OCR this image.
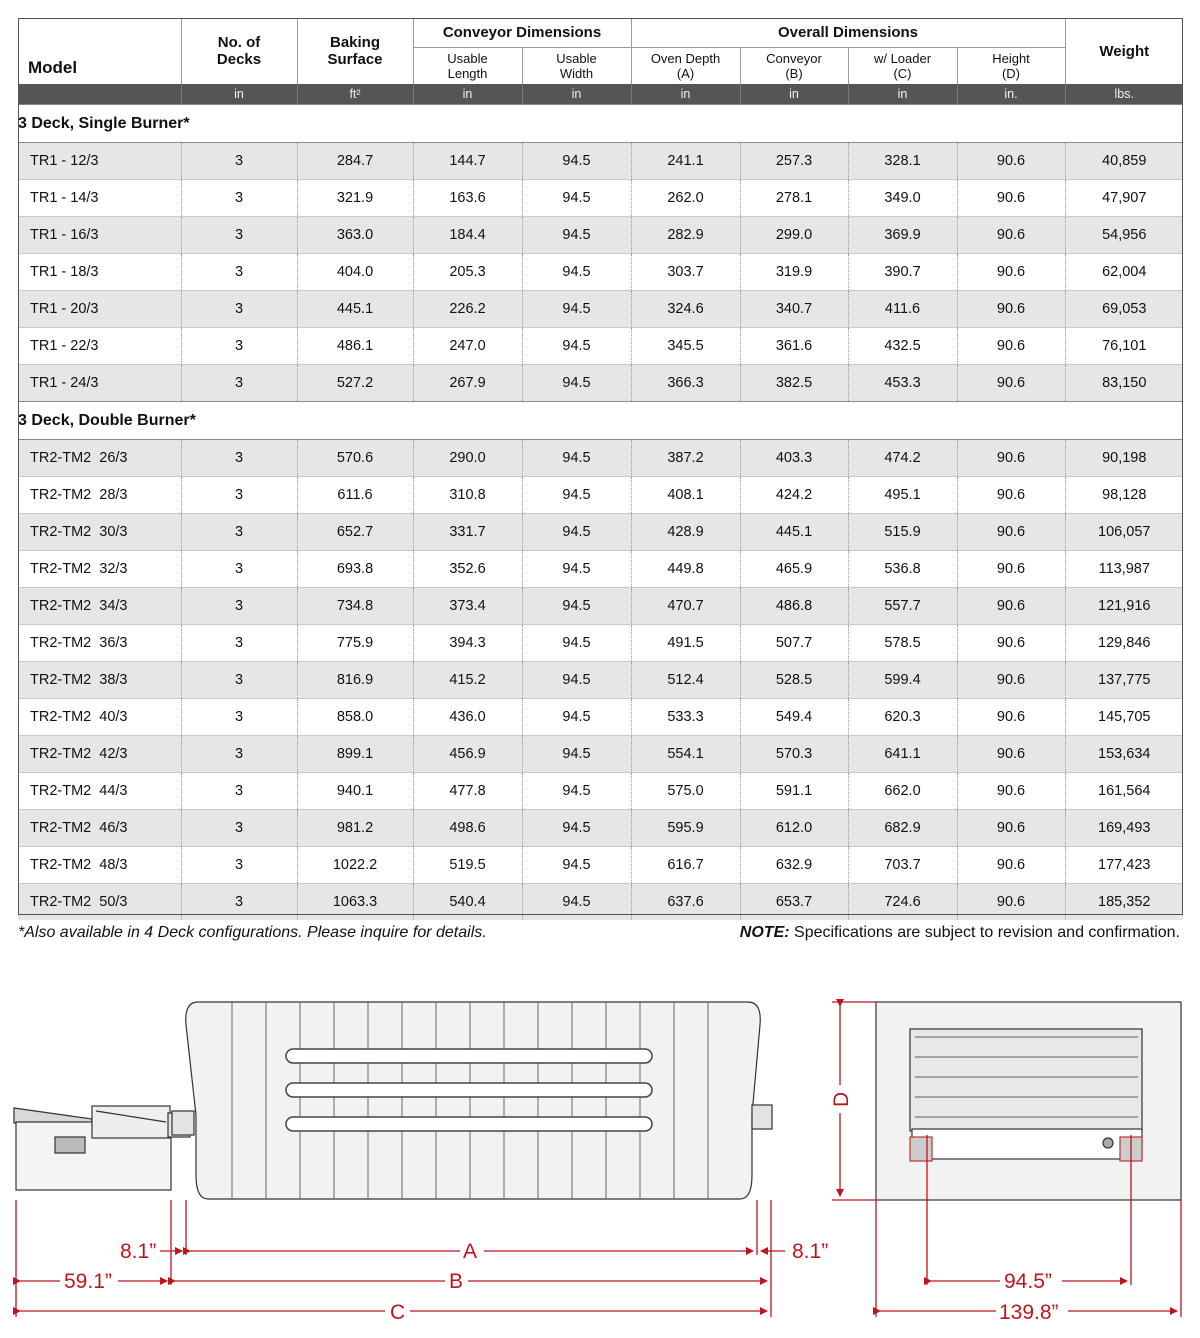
Model	No. of Decks	Baking Surface	Conveyor Dimensions		Overall Dimensions				Weight
			Usable Length	Usable Width	Oven Depth (A)	Conveyor (B)	w/ Loader (C)	Height (D)	
	in	ft²	in	in	in	in	in	in.	lbs.
3 Deck, Single Burner*									
TR1 - 12/3	3	284.7	144.7	94.5	241.1	257.3	328.1	90.6	40,859
TR1 - 14/3	3	321.9	163.6	94.5	262.0	278.1	349.0	90.6	47,907
TR1 - 16/3	3	363.0	184.4	94.5	282.9	299.0	369.9	90.6	54,956
TR1 - 18/3	3	404.0	205.3	94.5	303.7	319.9	390.7	90.6	62,004
TR1 - 20/3	3	445.1	226.2	94.5	324.6	340.7	411.6	90.6	69,053
TR1 - 22/3	3	486.1	247.0	94.5	345.5	361.6	432.5	90.6	76,101
TR1 - 24/3	3	527.2	267.9	94.5	366.3	382.5	453.3	90.6	83,150
3 Deck, Double Burner*									
TR2-TM2  26/3	3	570.6	290.0	94.5	387.2	403.3	474.2	90.6	90,198
TR2-TM2  28/3	3	611.6	310.8	94.5	408.1	424.2	495.1	90.6	98,128
TR2-TM2  30/3	3	652.7	331.7	94.5	428.9	445.1	515.9	90.6	106,057
TR2-TM2  32/3	3	693.8	352.6	94.5	449.8	465.9	536.8	90.6	113,987
TR2-TM2  34/3	3	734.8	373.4	94.5	470.7	486.8	557.7	90.6	121,916
TR2-TM2  36/3	3	775.9	394.3	94.5	491.5	507.7	578.5	90.6	129,846
TR2-TM2  38/3	3	816.9	415.2	94.5	512.4	528.5	599.4	90.6	137,775
TR2-TM2  40/3	3	858.0	436.0	94.5	533.3	549.4	620.3	90.6	145,705
TR2-TM2  42/3	3	899.1	456.9	94.5	554.1	570.3	641.1	90.6	153,634
TR2-TM2  44/3	3	940.1	477.8	94.5	575.0	591.1	662.0	90.6	161,564
TR2-TM2  46/3	3	981.2	498.6	94.5	595.9	612.0	682.9	90.6	169,493
TR2-TM2  48/3	3	1022.2	519.5	94.5	616.7	632.9	703.7	90.6	177,423
TR2-TM2  50/3	3	1063.3	540.4	94.5	637.6	653.7	724.6	90.6	185,352
*Also available in 4 Deck configurations. Please inquire for details.	NOTE: Specifications are subject to revision and confirmation.
8.1”	A	8.1”
59.1”	B
C
D
94.5”
139.8”
